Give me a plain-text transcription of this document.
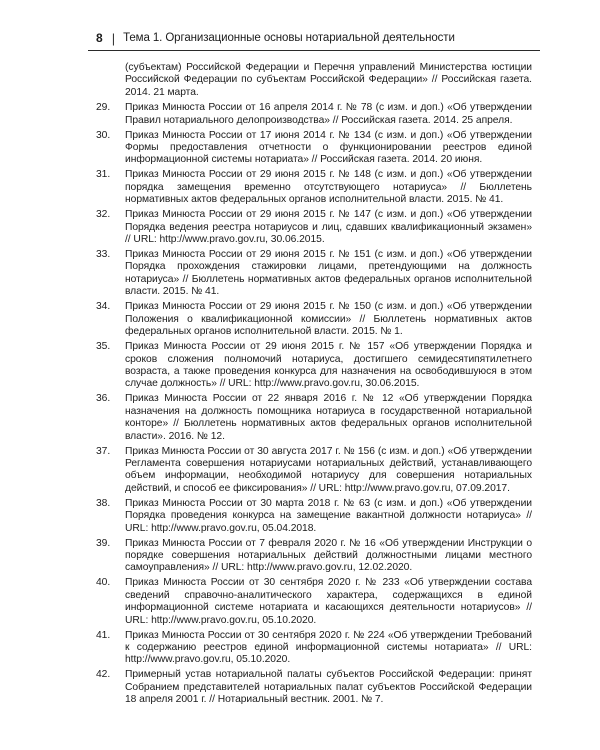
8 | Тема 1. Организационные основы нотариальной деятельности

(субъектам) Российской Федерации и Перечня управлений Министерства юстиции Российской Федерации по субъектам Российской Федерации» // Российская газета. 2014. 21 марта.

29.	Приказ Минюста России от 16 апреля 2014 г. № 78 (с изм. и доп.) «Об утверждении Правил нотариального делопроизводства» // Российская газета. 2014. 25 апреля.
30.	Приказ Минюста России от 17 июня 2014 г. № 134 (с изм. и доп.) «Об утверждении Формы предоставления отчетности о функционировании реестров единой информационной системы нотариата» // Российская газета. 2014. 20 июня.
31.	Приказ Минюста России от 29 июня 2015 г. № 148 (с изм. и доп.) «Об утверждении порядка замещения временно отсутствующего нотариуса» // Бюллетень нормативных актов федеральных органов исполнительной власти. 2015. № 41.
32.	Приказ Минюста России от 29 июня 2015 г. № 147 (с изм. и доп.) «Об утверждении Порядка ведения реестра нотариусов и лиц, сдавших квалификационный экзамен» // URL: http://www.pravo.gov.ru, 30.06.2015.
33.	Приказ Минюста России от 29 июня 2015 г. № 151 (с изм. и доп.) «Об утверждении Порядка прохождения стажировки лицами, претендующими на должность нотариуса» // Бюллетень нормативных актов федеральных органов исполнительной власти. 2015. № 41.
34.	Приказ Минюста России от 29 июня 2015 г. № 150 (с изм. и доп.) «Об утверждении Положения о квалификационной комиссии» // Бюллетень нормативных актов федеральных органов исполнительной власти. 2015. № 1.
35.	Приказ Минюста России от 29 июня 2015 г. № 157 «Об утверждении Порядка и сроков сложения полномочий нотариуса, достигшего семидесятипятилетнего возраста, а также проведения конкурса для назначения на освободившуюся в этом случае должность» // URL: http://www.pravo.gov.ru, 30.06.2015.
36.	Приказ Минюста России от 22 января 2016 г. № 12 «Об утверждении Порядка назначения на должность помощника нотариуса в государственной нотариальной конторе» // Бюллетень нормативных актов федеральных органов исполнительной власти». 2016. № 12.
37.	Приказ Минюста России от 30 августа 2017 г. № 156 (с изм. и доп.) «Об утверждении Регламента совершения нотариусами нотариальных действий, устанавливающего объем информации, необходимой нотариусу для совершения нотариальных действий, и способ ее фиксирования» // URL: http://www.pravo.gov.ru, 07.09.2017.
38.	Приказ Минюста России от 30 марта 2018 г. № 63 (с изм. и доп.) «Об утверждении Порядка проведения конкурса на замещение вакантной должности нотариуса» // URL: http://www.pravo.gov.ru, 05.04.2018.
39.	Приказ Минюста России от 7 февраля 2020 г. № 16 «Об утверждении Инструкции о порядке совершения нотариальных действий должностными лицами местного самоуправления» // URL: http://www.pravo.gov.ru, 12.02.2020.
40.	Приказ Минюста России от 30 сентября 2020 г. № 233 «Об утверждении состава сведений справочно-аналитического характера, содержащихся в единой информационной системе нотариата и касающихся деятельности нотариусов» // URL: http://www.pravo.gov.ru, 05.10.2020.
41.	Приказ Минюста России от 30 сентября 2020 г. № 224 «Об утверждении Требований к содержанию реестров единой информационной системы нотариата» // URL: http://www.pravo.gov.ru, 05.10.2020.
42.	Примерный устав нотариальной палаты субъектов Российской Федерации: принят Собранием представителей нотариальных палат субъектов Российской Федерации 18 апреля 2001 г. // Нотариальный вестник. 2001. № 7.
